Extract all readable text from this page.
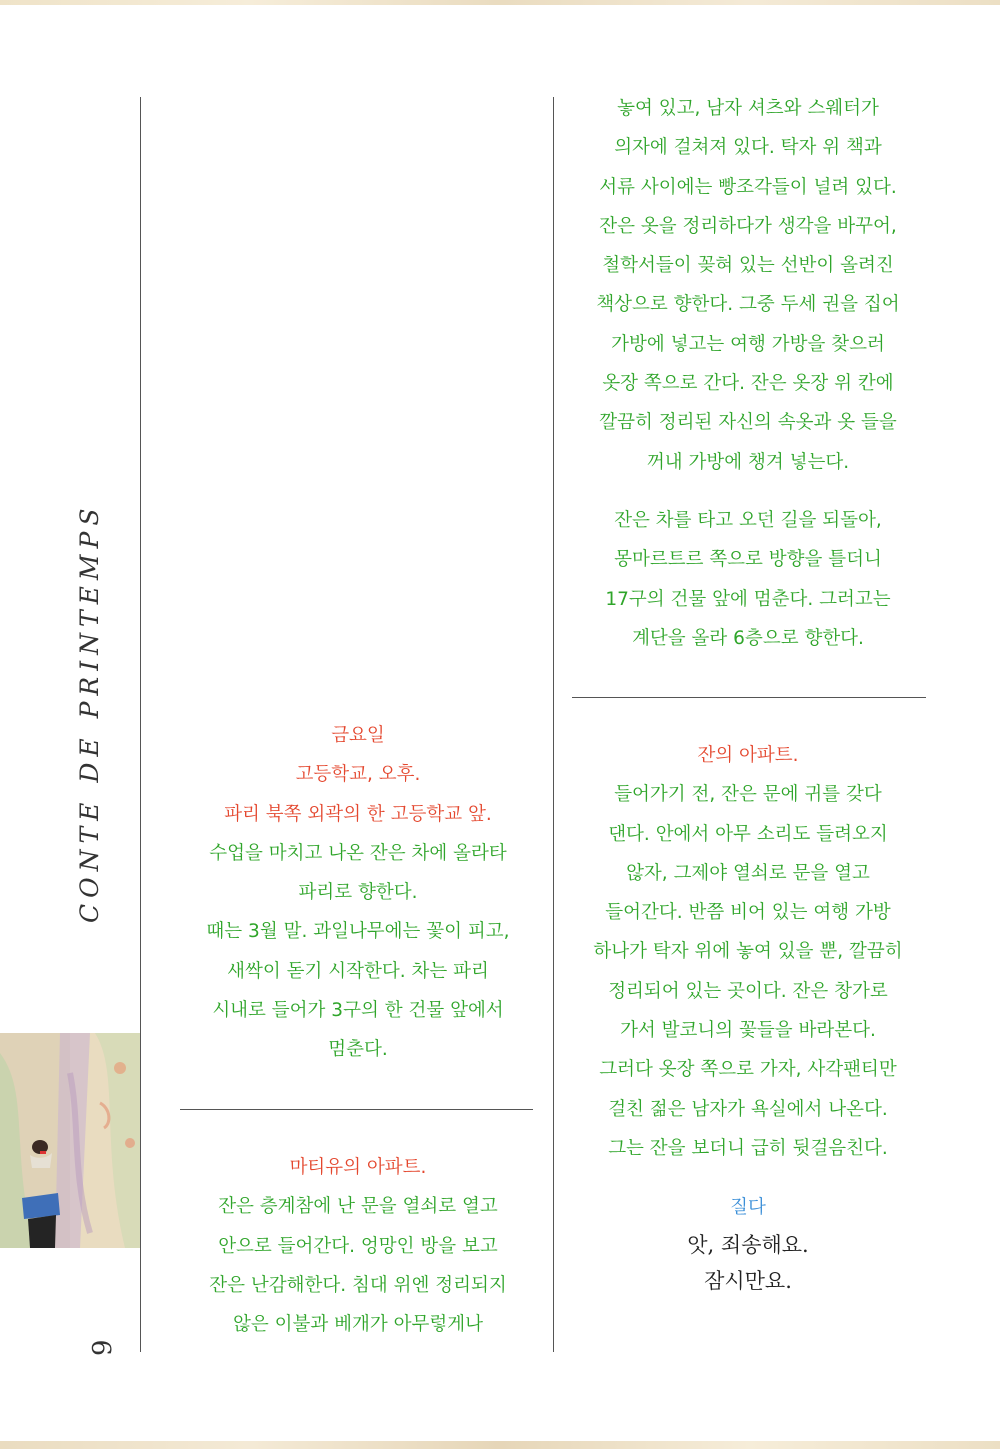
CONTE DE PRINTEMPS
9

금요일

고등학교, 오후.

파리 북쪽 외곽의 한 고등학교 앞.

수업을 마치고 나온 잔은 차에 올라타

파리로 향한다.

때는 3월 말. 과일나무에는 꽃이 피고,

새싹이 돋기 시작한다. 차는 파리

시내로 들어가 3구의 한 건물 앞에서

멈춘다.

마티유의 아파트.

잔은 층계참에 난 문을 열쇠로 열고

안으로 들어간다. 엉망인 방을 보고

잔은 난감해한다. 침대 위엔 정리되지

않은 이불과 베개가 아무렇게나

놓여 있고, 남자 셔츠와 스웨터가

의자에 걸쳐져 있다. 탁자 위 책과

서류 사이에는 빵조각들이 널려 있다.

잔은 옷을 정리하다가 생각을 바꾸어,

철학서들이 꽂혀 있는 선반이 올려진

책상으로 향한다. 그중 두세 권을 집어

가방에 넣고는 여행 가방을 찾으러

옷장 쪽으로 간다. 잔은 옷장 위 칸에

깔끔히 정리된 자신의 속옷과 옷 들을

꺼내 가방에 챙겨 넣는다.

잔은 차를 타고 오던 길을 되돌아,

몽마르트르 쪽으로 방향을 틀더니

17구의 건물 앞에 멈춘다. 그러고는

계단을 올라 6층으로 향한다.

잔의 아파트.

들어가기 전, 잔은 문에 귀를 갖다

댄다. 안에서 아무 소리도 들려오지

않자, 그제야 열쇠로 문을 열고

들어간다. 반쯤 비어 있는 여행 가방

하나가 탁자 위에 놓여 있을 뿐, 깔끔히

정리되어 있는 곳이다. 잔은 창가로

가서 발코니의 꽃들을 바라본다.

그러다 옷장 쪽으로 가자, 사각팬티만

걸친 젊은 남자가 욕실에서 나온다.

그는 잔을 보더니 급히 뒷걸음친다.

질다

앗, 죄송해요.

잠시만요.
